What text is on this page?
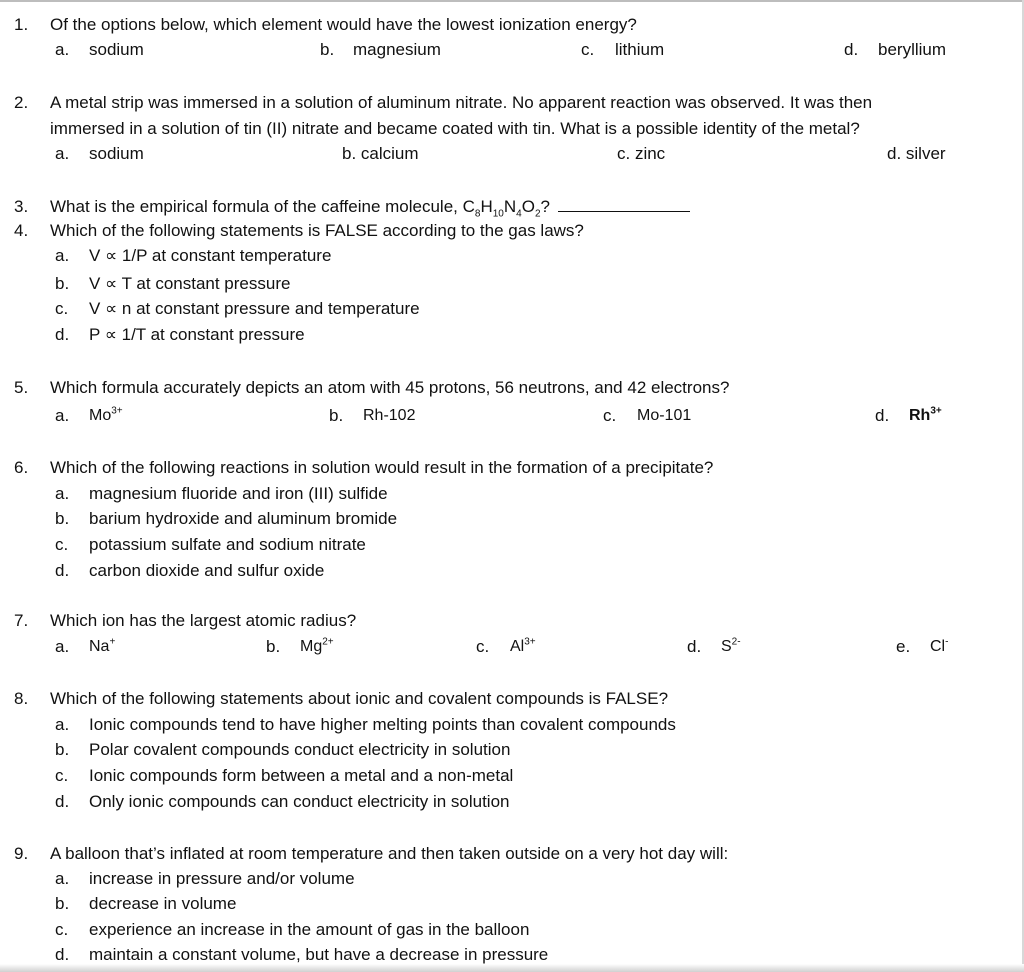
1. Of the options below, which element would have the lowest ionization energy?
a. sodium	b. magnesium	c. lithium	d. beryllium
2. A metal strip was immersed in a solution of aluminum nitrate. No apparent reaction was observed. It was then
immersed in a solution of tin (II) nitrate and became coated with tin. What is a possible identity of the metal?
a. sodium	b. calcium	c. zinc	d. silver
3. What is the empirical formula of the caffeine molecule, $C_8H_{10}N_4O_2$?
4. Which of the following statements is FALSE according to the gas laws?
a. V ∝ 1/P at constant temperature
b. V ∝ T at constant pressure
c. V ∝ n at constant pressure and temperature
d. P ∝ 1/T at constant pressure
5. Which formula accurately depicts an atom with 45 protons, 56 neutrons, and 42 electrons?
a. $Mo^{3+}$	b. Rh-102	c. Mo-101	d. $Rh^{3+}$
6. Which of the following reactions in solution would result in the formation of a precipitate?
a. magnesium fluoride and iron (III) sulfide
b. barium hydroxide and aluminum bromide
c. potassium sulfate and sodium nitrate
d. carbon dioxide and sulfur oxide
7. Which ion has the largest atomic radius?
a. Na+	b. $Mg^{2+}$	c. $Al^{3+}$	d. $S^{2-}$	e. Cl-
8. Which of the following statements about ionic and covalent compounds is FALSE?
a. Ionic compounds tend to have higher melting points than covalent compounds
b. Polar covalent compounds conduct electricity in solution
c. Ionic compounds form between a metal and a non-metal
d. Only ionic compounds can conduct electricity in solution
9. A balloon that’s inflated at room temperature and then taken outside on a very hot day will:
a. increase in pressure and/or volume
b. decrease in volume
c. experience an increase in the amount of gas in the balloon
d. maintain a constant volume, but have a decrease in pressure
